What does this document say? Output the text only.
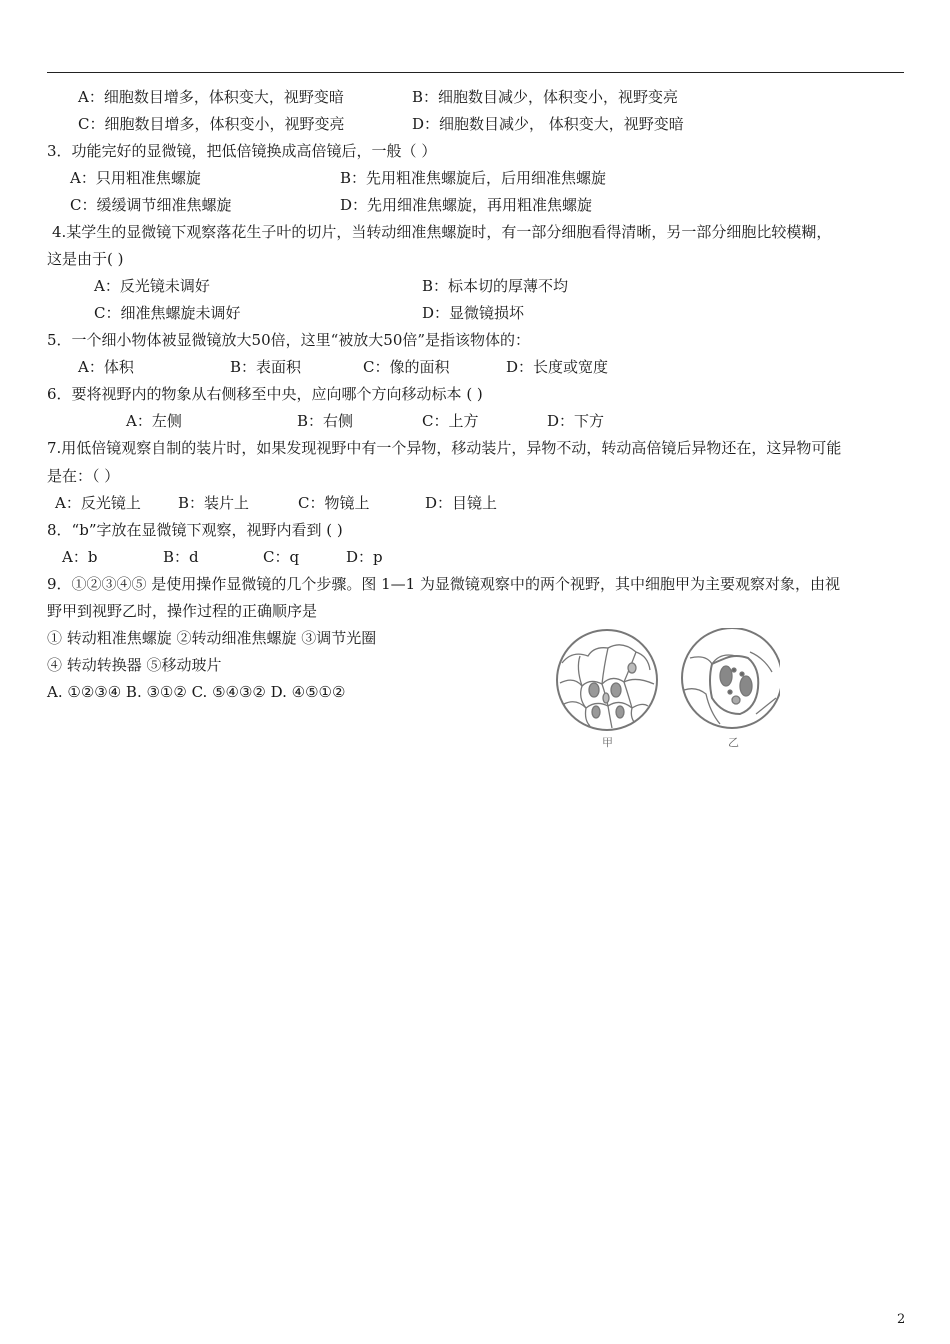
A：细胞数目增多，体积变大，视野变暗	B：细胞数目减少，体积变小，视野变亮
C：细胞数目增多，体积变小，视野变亮	D：细胞数目减少， 体积变大，视野变暗
3．功能完好的显微镜，把低倍镜换成高倍镜后，一般（ ）
A：只用粗准焦螺旋	B：先用粗准焦螺旋后，后用细准焦螺旋
C：缓缓调节细准焦螺旋	D：先用细准焦螺旋，再用粗准焦螺旋
4.某学生的显微镜下观察落花生子叶的切片，当转动细准焦螺旋时，有一部分细胞看得清晰，另一部分细胞比较模糊，
这是由于( )
A：反光镜未调好	B：标本切的厚薄不均
C：细准焦螺旋未调好	D：显微镜损坏
5．一个细小物体被显微镜放大50倍，这里“被放大50倍”是指该物体的：
A：体积	B：表面积	C：像的面积	D：长度或宽度
6．要将视野内的物象从右侧移至中央，应向哪个方向移动标本 ( )
A：左侧	B：右侧	C：上方	D：下方
7.用低倍镜观察自制的装片时，如果发现视野中有一个异物，移动装片，异物不动，转动高倍镜后异物还在，这异物可能
是在：（ ）
A：反光镜上 B：装片上	C：物镜上	D：目镜上
8．“b”字放在显微镜下观察，视野内看到 ( )
A：b	B：d	C：q	D：p
9．①②③④⑤ 是使用操作显微镜的几个步骤。图 1—1 为显微镜观察中的两个视野，其中细胞甲为主要观察对象，由视
野甲到视野乙时，操作过程的正确顺序是
① 转动粗准焦螺旋 ②转动细准焦螺旋 ③调节光圈
④ 转动转换器 ⑤移动玻片
A. ①②③④ B. ③①② C. ⑤④③② D. ④⑤①②
甲	乙
2
